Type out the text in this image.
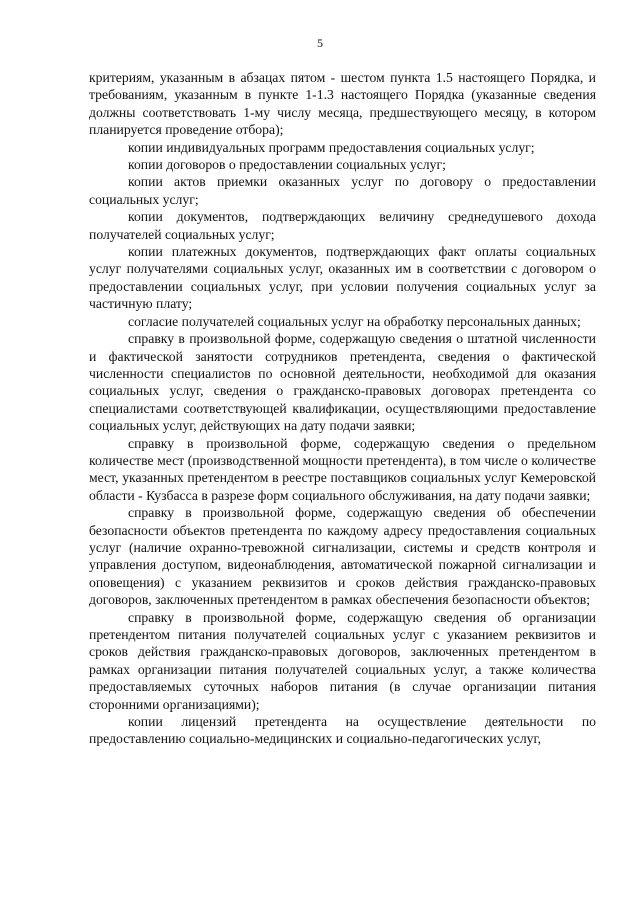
5

критериям, указанным в абзацах пятом - шестом пункта 1.5 настоящего Порядка, и требованиям, указанным в пункте 1-1.3 настоящего Порядка (указанные сведения должны соответствовать 1-му числу месяца, предшествующего месяцу, в котором планируется проведение отбора);

копии индивидуальных программ предоставления социальных услуг;

копии договоров о предоставлении социальных услуг;

копии актов приемки оказанных услуг по договору о предоставлении социальных услуг;

копии документов, подтверждающих величину среднедушевого дохода получателей социальных услуг;

копии платежных документов, подтверждающих факт оплаты социальных услуг получателями социальных услуг, оказанных им в соответствии с договором о предоставлении социальных услуг, при условии получения социальных услуг за частичную плату;

согласие получателей социальных услуг на обработку персональных данных;

справку в произвольной форме, содержащую сведения о штатной численности и фактической занятости сотрудников претендента, сведения о фактической численности специалистов по основной деятельности, необходимой для оказания социальных услуг, сведения о гражданско-правовых договорах претендента со специалистами соответствующей квалификации, осуществляющими предоставление социальных услуг, действующих на дату подачи заявки;

справку в произвольной форме, содержащую сведения о предельном количестве мест (производственной мощности претендента), в том числе о количестве мест, указанных претендентом в реестре поставщиков социальных услуг Кемеровской области - Кузбасса в разрезе форм социального обслуживания, на дату подачи заявки;

справку в произвольной форме, содержащую сведения об обеспечении безопасности объектов претендента по каждому адресу предоставления социальных услуг (наличие охранно-тревожной сигнализации, системы и средств контроля и управления доступом, видеонаблюдения, автоматической пожарной сигнализации и оповещения) с указанием реквизитов и сроков действия гражданско-правовых договоров, заключенных претендентом в рамках обеспечения безопасности объектов;

справку в произвольной форме, содержащую сведения об организации претендентом питания получателей социальных услуг с указанием реквизитов и сроков действия гражданско-правовых договоров, заключенных претендентом в рамках организации питания получателей социальных услуг, а также количества предоставляемых суточных наборов питания (в случае организации питания сторонними организациями);

копии лицензий претендента на осуществление деятельности по предоставлению социально-медицинских и социально-педагогических услуг,
